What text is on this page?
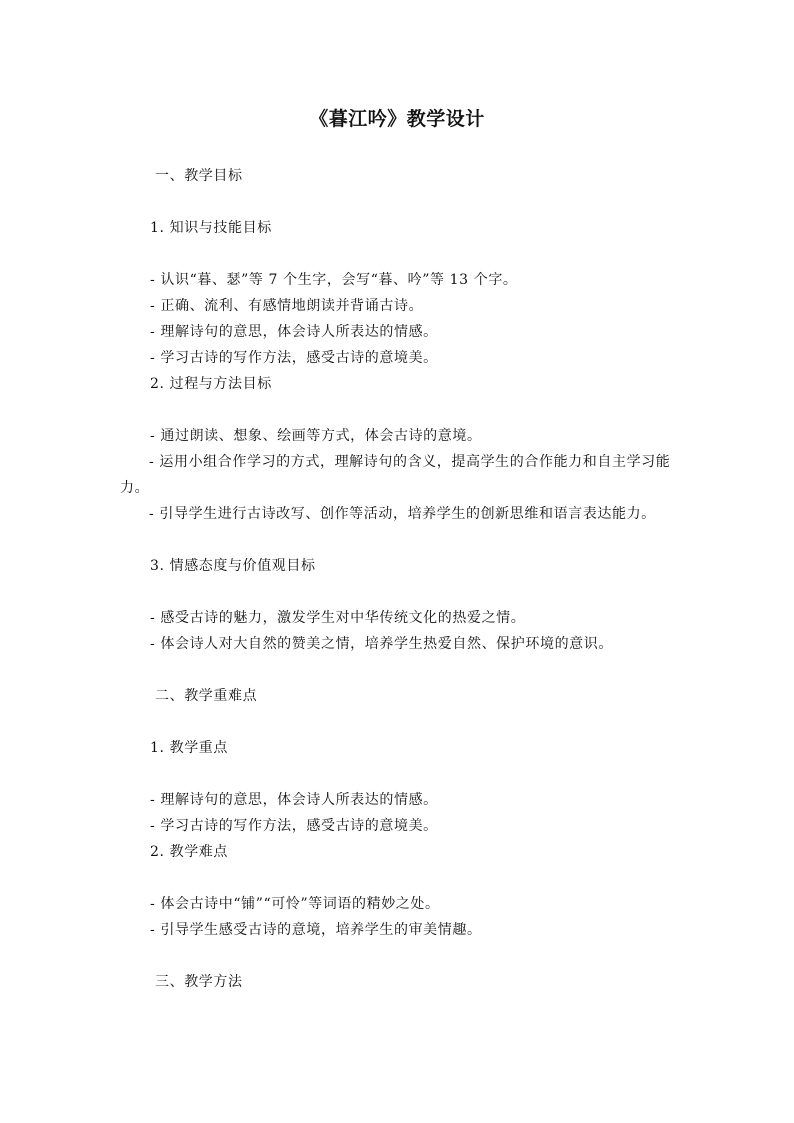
《暮江吟》教学设计
一、教学目标
1. 知识与技能目标
- 认识“暮、瑟”等 7 个生字，会写“暮、吟”等 13 个字。
- 正确、流利、有感情地朗读并背诵古诗。
- 理解诗句的意思，体会诗人所表达的情感。
- 学习古诗的写作方法，感受古诗的意境美。
2. 过程与方法目标
- 通过朗读、想象、绘画等方式，体会古诗的意境。
- 运用小组合作学习的方式，理解诗句的含义，提高学生的合作能力和自主学习能力。
- 引导学生进行古诗改写、创作等活动，培养学生的创新思维和语言表达能力。
3. 情感态度与价值观目标
- 感受古诗的魅力，激发学生对中华传统文化的热爱之情。
- 体会诗人对大自然的赞美之情，培养学生热爱自然、保护环境的意识。
二、教学重难点
1. 教学重点
- 理解诗句的意思，体会诗人所表达的情感。
- 学习古诗的写作方法，感受古诗的意境美。
2. 教学难点
- 体会古诗中“铺”“可怜”等词语的精妙之处。
- 引导学生感受古诗的意境，培养学生的审美情趣。
三、教学方法
